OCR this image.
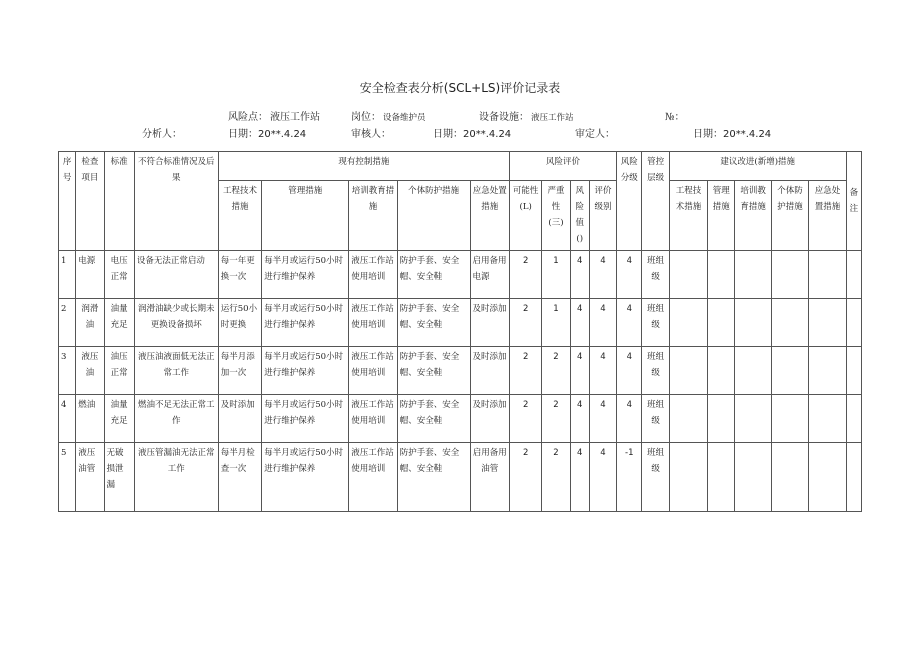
安全检查表分析(SCL+LS)评价记录表
风险点： 液压工作站	岗位： 设备维护员	设备设施： 液压工作站	№：
分析人：	日期：20**.4.24	审核人：	日期：20**.4.24	审定人：	日期：20**.4.24
序号	检查项目	标准	不符合标准情况及后果	现有控制措施					风险评价				风险分级	管控层级	建议改进(新增)措施					备注
				工程技术措施	管理措施	培训教育措施	个体防护措施	应急处置措施	可能性(L)	严重性(三)	风险值()	评价级别			工程技术措施	管理措施	培训教育措施	个体防护措施	应急处置措施	
1	电源	电压正常	设备无法正常启动	每一年更换一次	每半月或运行50小时进行维护保养	液压工作站使用培训	防护手套、安全帽、安全鞋	启用备用电源	2	1	4	4	4	班组级						
2	润滑油	油量充足	润滑油缺少或长期未更换设备损坏	运行50小时更换	每半月或运行50小时进行维护保养	液压工作站使用培训	防护手套、安全帽、安全鞋	及时添加	2	1	4	4	4	班组级						
3	液压油	油压正常	液压油液面低无法正常工作	每半月添加一次	每半月或运行50小时进行维护保养	液压工作站使用培训	防护手套、安全帽、安全鞋	及时添加	2	2	4	4	4	班组级						
4	燃油	油量充足	燃油不足无法正常工作	及时添加	每半月或运行50小时进行维护保养	液压工作站使用培训	防护手套、安全帽、安全鞋	及时添加	2	2	4	4	4	班组级						
5	液压油管	无破损泄漏	液压管漏油无法正常工作	每半月检查一次	每半月或运行50小时进行维护保养	液压工作站使用培训	防护手套、安全帽、安全鞋	启用备用油管	2	2	4	4	-1	班组级						
